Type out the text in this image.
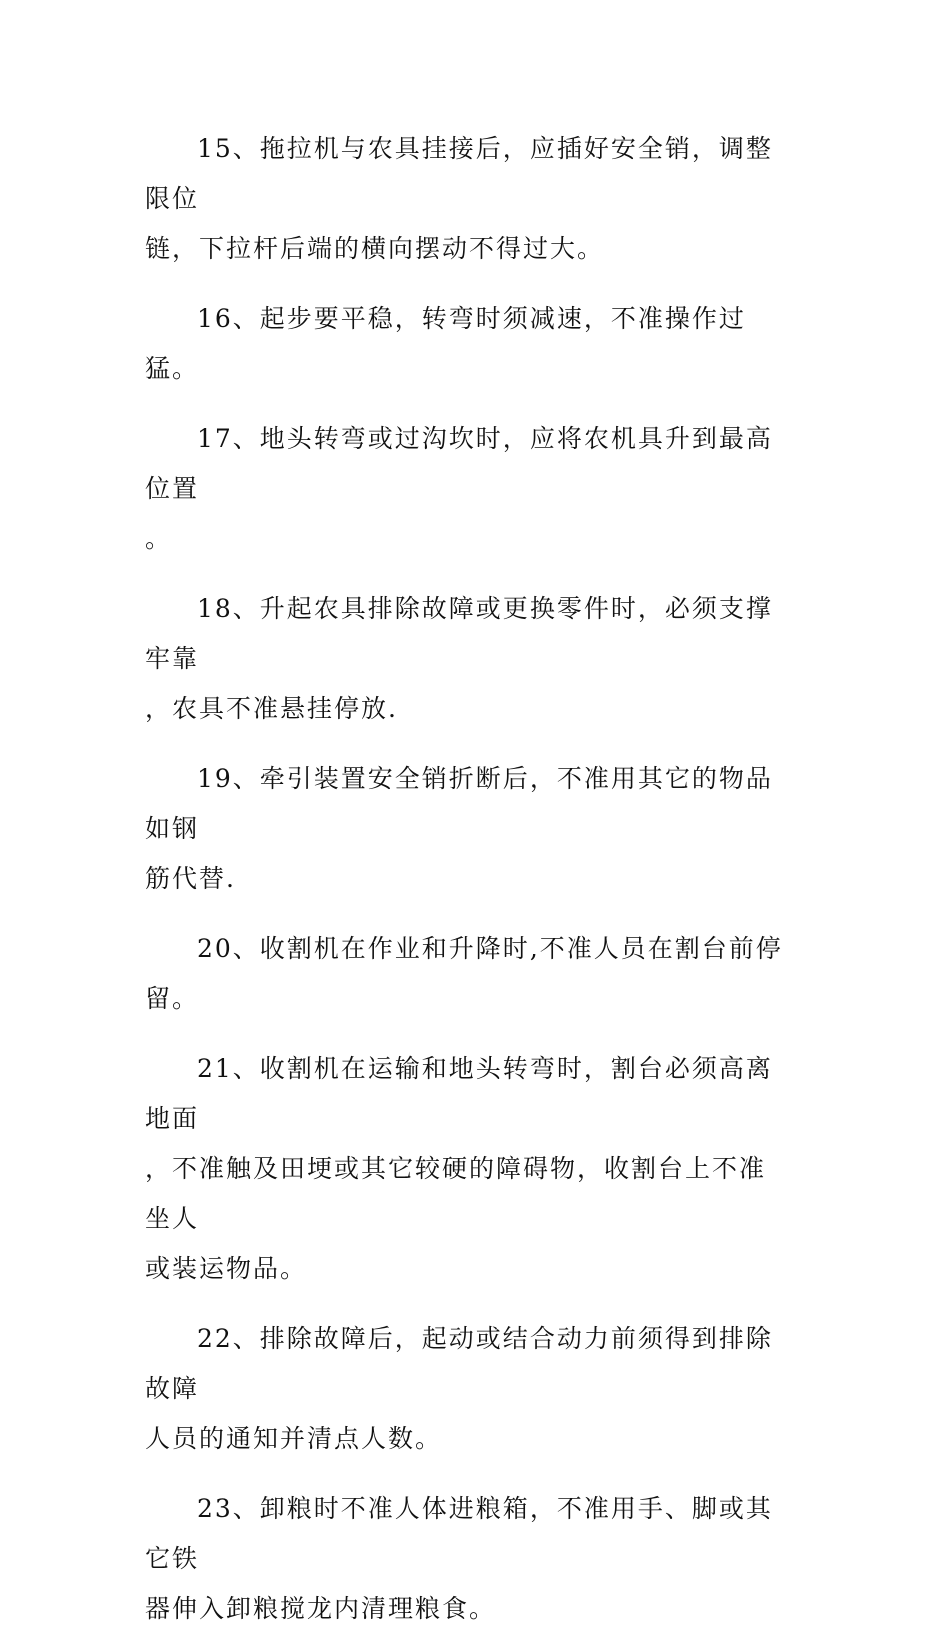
15、拖拉机与农具挂接后，应插好安全销，调整限位
链，下拉杆后端的横向摆动不得过大。

16、起步要平稳，转弯时须减速，不准操作过猛。

17、地头转弯或过沟坎时，应将农机具升到最高位置
。

18、升起农具排除故障或更换零件时，必须支撑牢靠
，农具不准悬挂停放.

19、牵引装置安全销折断后，不准用其它的物品如钢
筋代替.

20、收割机在作业和升降时,不准人员在割台前停留。

21、收割机在运输和地头转弯时，割台必须高离地面
，不准触及田埂或其它较硬的障碍物，收割台上不准坐人
或装运物品。

22、排除故障后，起动或结合动力前须得到排除故障
人员的通知并清点人数。

23、卸粮时不准人体进粮箱，不准用手、脚或其它铁
器伸入卸粮搅龙内清理粮食。
